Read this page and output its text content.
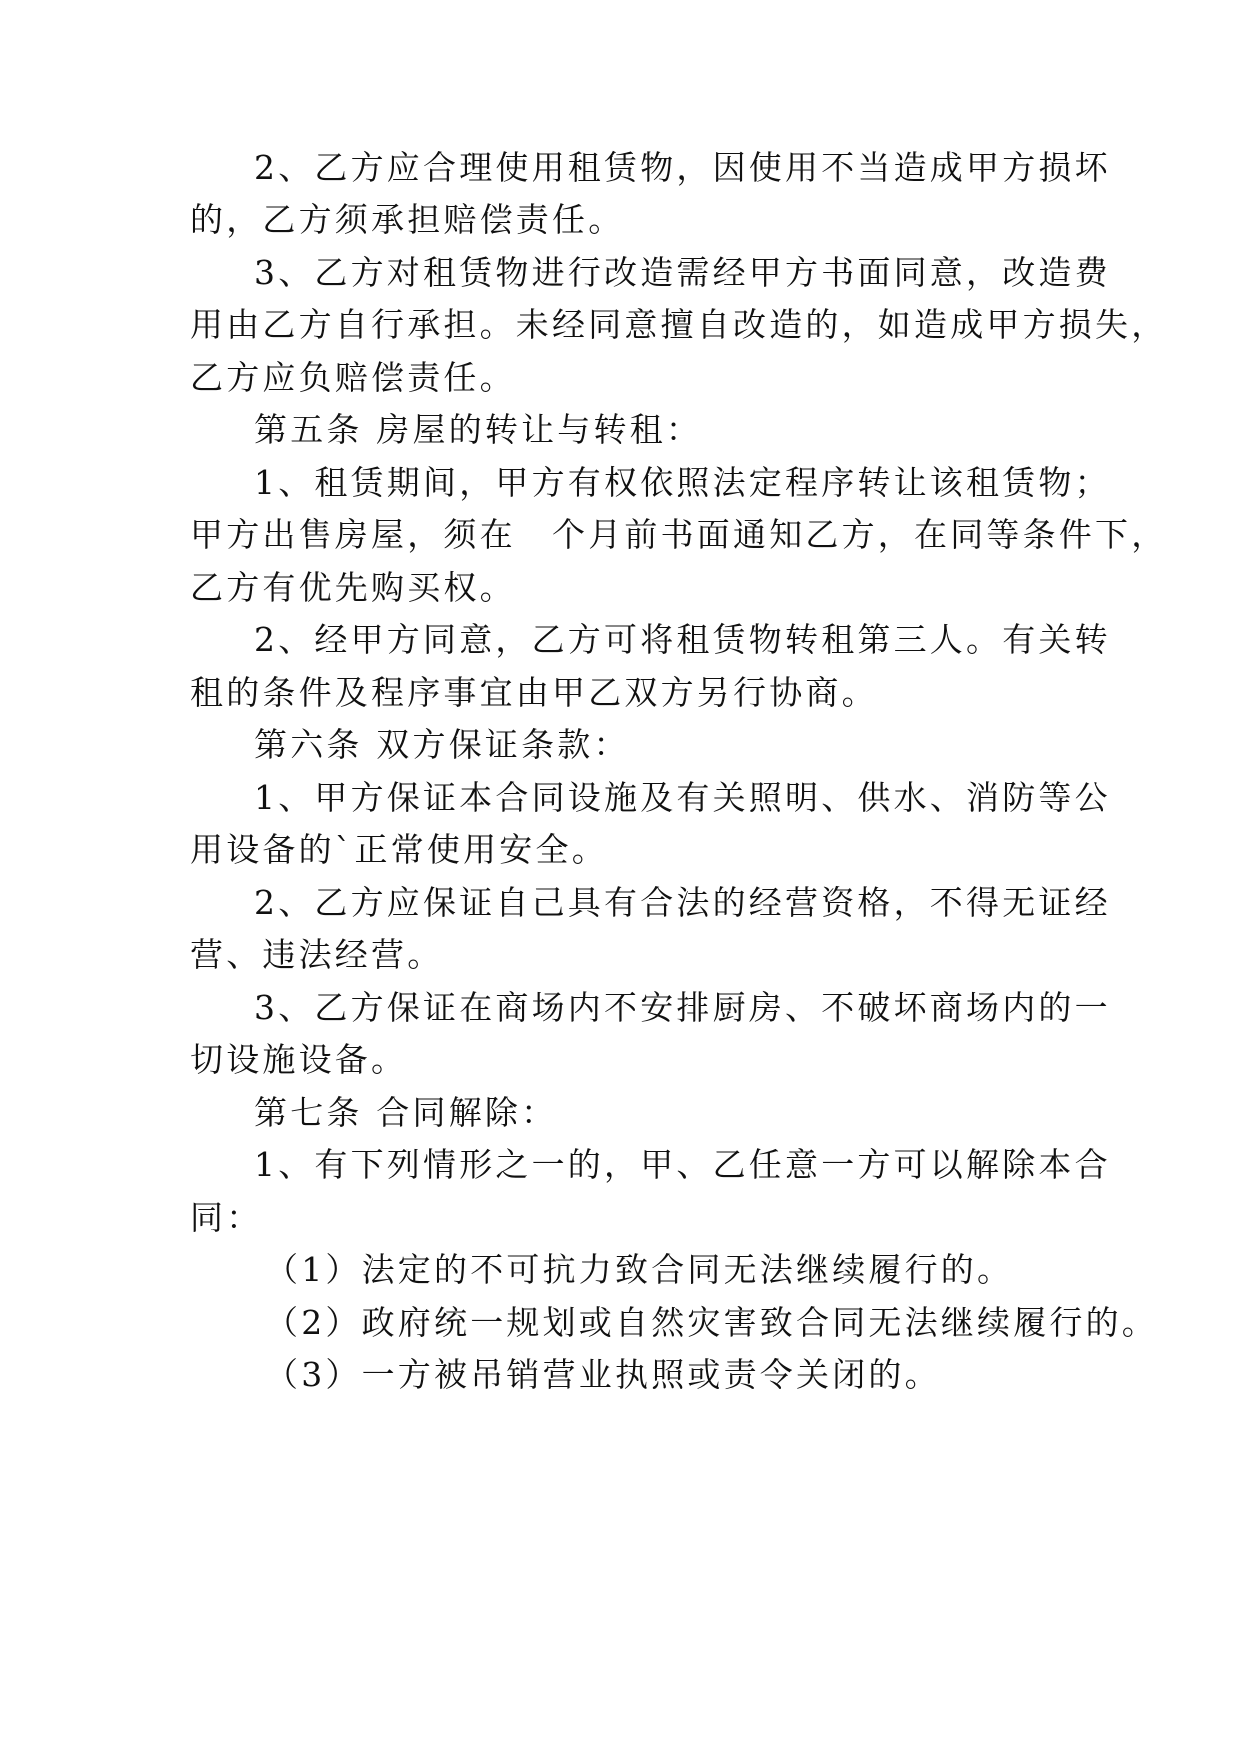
2、乙方应合理使用租赁物，因使用不当造成甲方损坏
的，乙方须承担赔偿责任。
3、乙方对租赁物进行改造需经甲方书面同意，改造费
用由乙方自行承担。未经同意擅自改造的，如造成甲方损失，
乙方应负赔偿责任。
第五条 房屋的转让与转租：
1、租赁期间，甲方有权依照法定程序转让该租赁物；
甲方出售房屋，须在　个月前书面通知乙方，在同等条件下，
乙方有优先购买权。
2、经甲方同意，乙方可将租赁物转租第三人。有关转
租的条件及程序事宜由甲乙双方另行协商。
第六条 双方保证条款：
1、甲方保证本合同设施及有关照明、供水、消防等公
用设备的`正常使用安全。
2、乙方应保证自己具有合法的经营资格，不得无证经
营、违法经营。
3、乙方保证在商场内不安排厨房、不破坏商场内的一
切设施设备。
第七条 合同解除：
1、有下列情形之一的，甲、乙任意一方可以解除本合
同：
（1）法定的不可抗力致合同无法继续履行的。
（2）政府统一规划或自然灾害致合同无法继续履行的。
（3）一方被吊销营业执照或责令关闭的。
